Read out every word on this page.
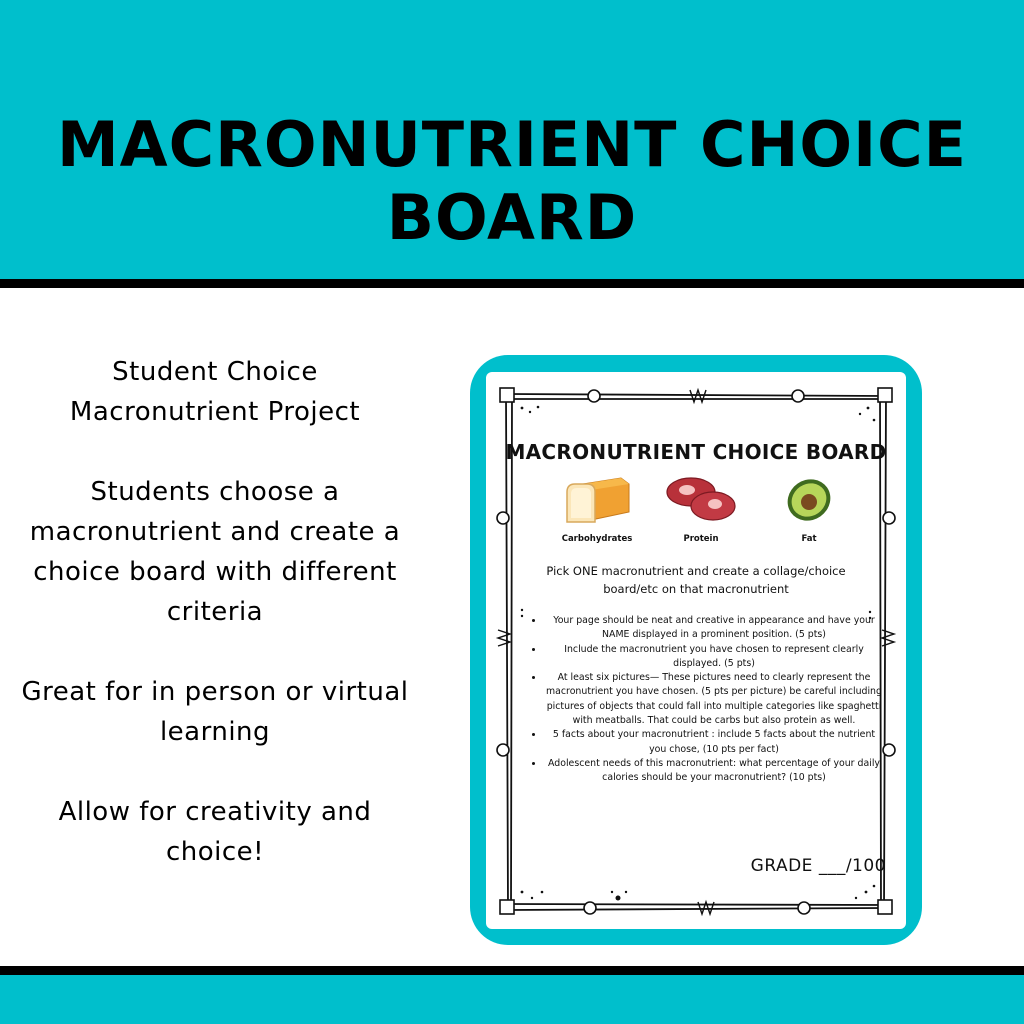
MACRONUTRIENT CHOICE BOARD

Student Choice Macronutrient Project

Students choose a macronutrient and create a choice board with different criteria

Great for in person or virtual learning

Allow for creativity and choice!

MACRONUTRIENT CHOICE BOARD
Carbohydrates	Protein	Fat
Pick ONE macronutrient and create a collage/choice board/etc on that macronutrient
• Your page should be neat and creative in appearance and have your NAME displayed in a prominent position. (5 pts)
• Include the macronutrient you have chosen to represent clearly displayed. (5 pts)
• At least six pictures— These pictures need to clearly represent the macronutrient you have chosen. (5 pts per picture) be careful including pictures of objects that could fall into multiple categories like spaghetti with meatballs. That could be carbs but also protein as well.
• 5 facts about your macronutrient : include 5 facts about the nutrient you chose, (10 pts per fact)
• Adolescent needs of this macronutrient: what percentage of your daily calories should be your macronutrient? (10 pts)
GRADE ___/100
